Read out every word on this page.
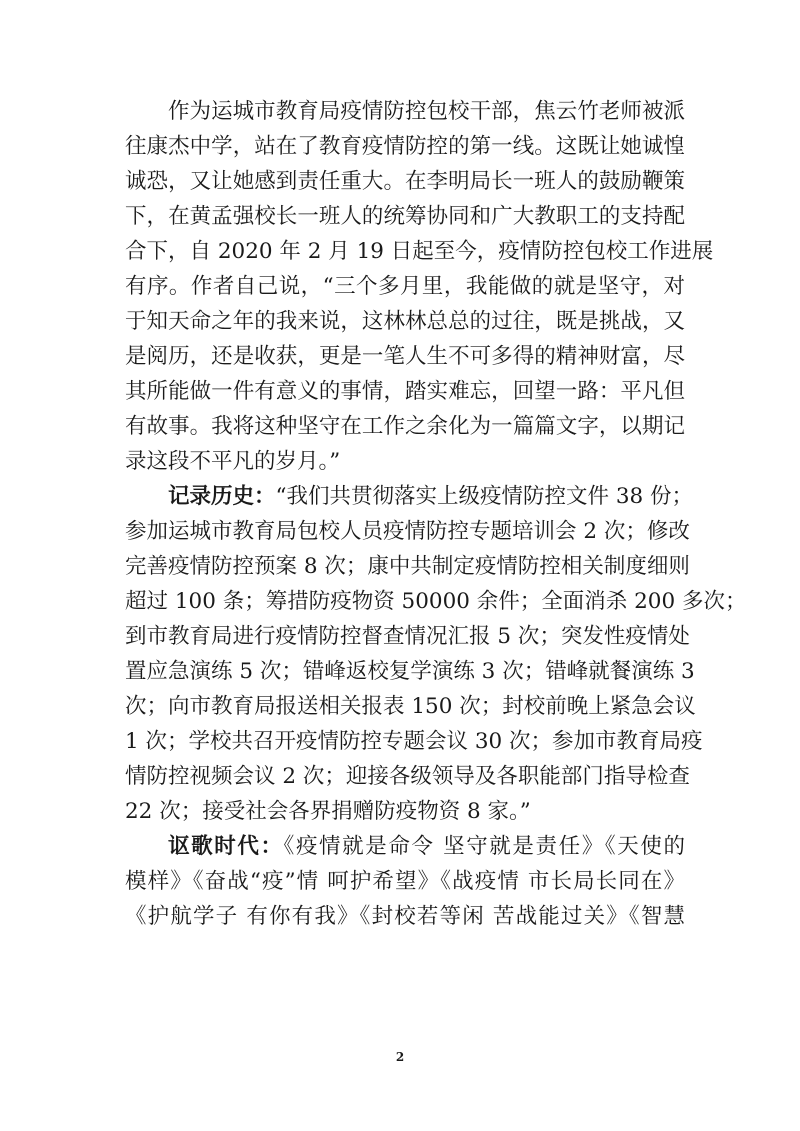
作为运城市教育局疫情防控包校干部，焦云竹老师被派
往康杰中学，站在了教育疫情防控的第一线。这既让她诚惶
诚恐，又让她感到责任重大。在李明局长一班人的鼓励鞭策
下，在黄孟强校长一班人的统筹协同和广大教职工的支持配
合下，自 2020 年 2 月 19 日起至今，疫情防控包校工作进展
有序。作者自己说，“三个多月里，我能做的就是坚守，对
于知天命之年的我来说，这林林总总的过往，既是挑战，又
是阅历，还是收获，更是一笔人生不可多得的精神财富，尽
其所能做一件有意义的事情，踏实难忘，回望一路：平凡但
有故事。我将这种坚守在工作之余化为一篇篇文字，以期记
录这段不平凡的岁月。”
记录历史：“我们共贯彻落实上级疫情防控文件 38 份；
参加运城市教育局包校人员疫情防控专题培训会 2 次；修改
完善疫情防控预案 8 次；康中共制定疫情防控相关制度细则
超过 100 条；筹措防疫物资 50000 余件；全面消杀 200 多次；
到市教育局进行疫情防控督查情况汇报 5 次；突发性疫情处
置应急演练 5 次；错峰返校复学演练 3 次；错峰就餐演练 3
次；向市教育局报送相关报表 150 次；封校前晚上紧急会议
1 次；学校共召开疫情防控专题会议 30 次；参加市教育局疫
情防控视频会议 2 次；迎接各级领导及各职能部门指导检查
22 次；接受社会各界捐赠防疫物资 8 家。”
讴歌时代：《疫情就是命令 坚守就是责任》《天使的
模样》《奋战“疫”情 呵护希望》《战疫情 市长局长同在》
《护航学子 有你有我》《封校若等闲 苦战能过关》《智慧
2
